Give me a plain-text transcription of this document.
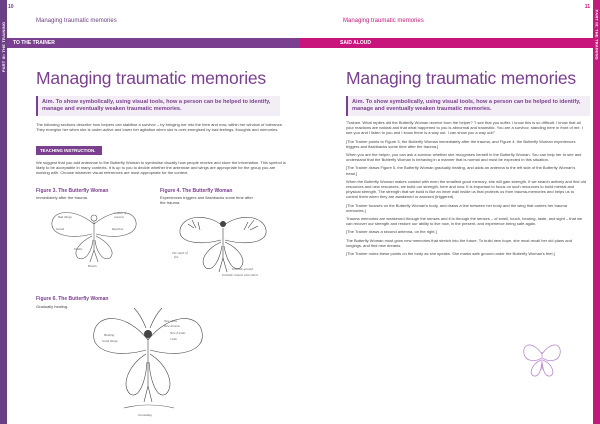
PART III: THE TRAINING
10
Managing traumatic memories
TO THE TRAINER
Managing traumatic memories
Aim. To show symbolically, using visual tools, how a person can be helped to identify, manage and eventually weaken traumatic memories.

The following sections describe how helpers can stabilise a survivor – by bringing her into the here and now, within her window of tolerance. They energise her when she is under-active and lower her agitation when she is over-energised by bad feelings, thoughts and memories.

TEACHING INSTRUCTION.

We suggest that you add antennae to the Butterfly Woman to symbolise visually how people receive and store the information. This symbol is likely to be acceptable in many contexts. It is up to you to decide whether the antennae and wings are appropriate for the group you are working with. Choose whatever visual references are most appropriate for the context.

Figure 3. The Butterfly Woman
Immediately after the trauma.
Bad things
Colour of
seasons
Sound	Reaction
Smells
Breath
Figure 4. The Butterfly Woman
Experiences triggers and flashbacks some time after the trauma.
The smell of
fire
Invisible ground
Invisible contact with others
Figure 6. The Butterfly Woman
Gradually healing.
New skills
New dreams
New friends
Calm
Healing
Good things
Grounding
PART III: THE TRAINING
11
Managing traumatic memories
SAID ALOUD
Managing traumatic memories
Aim. To show symbolically, using visual tools, how a person can be helped to identify, manage and eventually weaken traumatic memories.

'Trainee. What replies did the Butterfly Woman receive from the helper? "I see that you suffer. I know this is so difficult. I know that all your reactions are natural and that what happened to you is abnormal and traumatic. You are a survivor, standing here in front of me. I see you and I listen to you and I know there is a way out. I can show you a way out!"

[The Trainer points to Figure 3, the Butterfly Woman immediately after the trauma, and Figure 4, the Butterfly Woman experiences triggers and flashbacks some time after the trauma.]

When you are the helper, you can ask a survivor whether she recognises herself in the Butterfly Woman. You can help her to see and understand that the Butterfly Woman is behaving in a manner that is normal and must be expected in this situation.

[The Trainer draws Figure 5, the Butterfly Woman gradually healing, and adds an antenna to the left side of the Butterfly Woman's head.]

When the Butterfly Woman makes contact with even the smallest good memory, she will gain strength. If we search actively and find old resources and new resources, we build our strength, here and now. It is important to focus on such resources to build mental and physical strength. The strength that we build is like an inner wall inside us that protects us from trauma-memories and helps us to control them when they are awakened or aroused (triggered).

[The Trainer focuses on the Butterfly Woman's body, and draws a line between her body and the wing that carries her trauma memories.]

Trauma memories are weakened through the senses and it is through the senses – of smell, touch, hearing, taste, and sight – that we can recover our strength and restore our ability to live now, in the present, and experience being safe again.

[The Trainer draws a second antenna, on the right.]

The Butterfly Woman must grow new memories that stretch into the future. To build new hope, she must recall her old plans and longings, and find new dreams.

[The Trainer notes these points on the body as she speaks. She marks safe ground under the Butterfly Woman's feet.]
